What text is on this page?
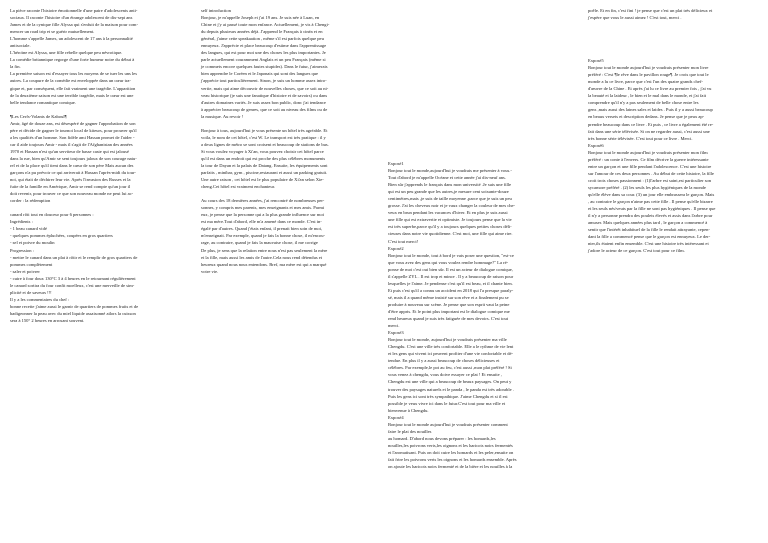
La pièce raconte l'histoire émotionnelle d'une paire d'adolescents anti-
sociaux. Il raconte l'histoire d'un étrange adolescent de dix-sept ans
James et de la cynique fille Alyssa qui s'enfuit de la maison pour com-
mencer un road trip et se guérir mutuellement.
L'homme s'appelle James, un adolescent de 17 ans à la personnalité
antisociale.
L'héroïne est Alyssa, une fille rebelle quelque peu névrotique.
La comédie britannique regorge d'une forte humeur noire du début à
la fin.
La première saison est d'essayer tous les moyens de se tuer les uns les
autres. La coupure de la comédie est enveloppée dans un cœur tra-
gique et, par conséquent, elle fait vraiment une tragédie. L'apparition
de la deuxième saison est une terrible tragédie, mais le cœur est une
belle tendance romantique comique.

¶Les Cerfs-Volants de Kaboul¶
Amir, âgé de douze ans, est désespéré de gagner l'approbation de son
père et décide de gagner le tournoi local de kiteurs, pour prouver qu'il
a les qualités d'un homme. Son fidèle ami Hassan promet de l'aider -
car il aide toujours Amir - mais il s'agit de l'Afghanistan des années
1970 et Hassan n'est qu'un serviteur de basse caste qui est jalousé
dans la rue, bien qu'Amir se sent toujours jaloux de son courage natu-
rel et de la place qu'il tient dans le cœur de son père Mais aucun des
garçons n'a pu prévoir ce qui arriverait à Hassan l'après-midi du tour-
noi, qui était de déchirer leur vie. Après l'invasion des Russes et la
fuite de la famille en Amérique, Amir se rend compte qu'un jour il
doit revenir, pour trouver ce que son nouveau monde ne peut lui ac-
corder : la rédemption

canard rôti tout en douceur pour 6 personnes :
Ingrédients :
- 1 beau canard vidé
- quelques pommes épluchées, coupées en gros quartiers
- sel et poivre du moulin
Progression :
- mettre le canard dans un plat à rôtir et le remplir de gros quartiers de
pommes complètement
- saler et poivrer
- cuire à four doux 130°C 3 à 4 heures en le retournant régulièrement
le canard sortira du four confit moelleux, c'est une merveille de sim-
plicité et de saveurs !!!
Il y a les commentaires du chef :
bonne recette j'aime aussi le garnir de quartiers de pommes fruits et de
badigeonner la peau avec du miel liquide assaisonné ailors la cuisson
sera à 150° 2 heures en arrosant souvent.

self introduction
Bonjour, je m'appelle Joseph et j'ai 19 ans. Je suis née à Luan, en
Chine et j'y ai passé toute mon enfance. Actuellement, je vis à Chengi-
du depuis plusieurs années déjà. J'apprend le Français à cinéa et en
général, j'aime cette speakaation , même s'il est parfois quelque peu
ennuyeux. J'apprécie et place beaucoup d'estime dans l'apprentissage
des langues, qui est pour moi une des choses les plus importantes. Je
parle actuellement couramment Anglais et un peu Français (même si
je commets encore quelques fautes stupides). Dans le futur, j'aimerais
bien apprendre le Coréen et le Japonais qui sont des langues que
j'apprécie tout particulièrement. Sinon, je suis un homme assez intro-
vertie, mais qui aime découvrir de nouvelles choses, que ce soit au ni-
veau historique (je suis une fanatique d'histoire et de savoirs) ou dans
d'autres domaines variés. Je suis assez bon public, donc j'ai tendance
à apprécier beaucoup de genres, que ce soit au niveau des films ou de
la musique. Au revoir !

Bonjour à tous, aujourd'hui je vous présente un hôtel très agréable. Et
voila, le nom de cet hôtel, c'est W. Le transport est très pratique : il y
a deux lignes de métro se sont croisent et beaucoup de stations de bus.
Si vous voulez voyager à Xi'an, vous pouvez choisir cet hôtel parce
qu'il est dans un endroit qui est proche des plus célèbres monuments
la tour de Dayan et la palais de Datang. Ensuite, les équipements sont
parfaits , minibar, gym , piscine,restaurant et aussi un parking gratuit.
Une autre raison , cet hôtel est le plus populaire de Xi'an selon Xie-
cheng.Cet hôtel est vraiment enchanteur.

Au cours des 18 dernières années, j'ai rencontré de nombreuses per-
sonnes, y compris mes parents, mes enseignants et mes amis. Parmi
eux, je pense que la personne qui a la plus grande influence sur moi
est ma mère.Tout d'abord, elle m'a amené dans ce monde. C'est in-
égalé par d'autres. Quand j'étais enfant, il prenait bien soin de moi,
m'enseignait. Par exemple, quand je fais la bonne chose, il m'encou-
rage, au contraire, quand je fais la mauvaise chose, il me corrige
De plus, je sens que la relation entre nous n'est pas seulement la mère
et la fille, mais aussi les amis de l'autre.Cela nous rend détendus et
heureux quand nous nous entendons. Bref, ma mère est qui a marqué
votre vie.

Exposé1
Bonjour tout le monde,aujourd'hui je voudrais me présenter à vous.-
Tout d'abord je m'appelle Océane et cette année j'ai dix-neuf ans.
Bien sûr j'apprends le français dans mon université .Je suis une fille
qui est un peu grande que les autres,je mesure cent soixante-douze
centimètres,mais ,je suis de taille moyenne ,parce que je suis un peu
grosse. J'ai les cheveux noir et je vaux changer la couleur de mes che-
veux en brun pendant les vacances d'hiver. Et en plus je suis aussi
une fille qui est extravertie et optimiste. Je toujours pense que la vie
est très superbe,parce qu'il y a toujours quelques petites choses déli-
cieuses dans notre vie quotidienne. C'est moi, une fille qui aime rire.
C'est tout merci!
Exposé2
Bonjour tout le monde, tout à bord je vais poser une question, "est-ce
que vous avez des gens qui vous voulez rendre hommage?" La ré-
ponse de moi c'est oui bien sûr. Il est un acteur de dialogue comique,
il s'appelle ZYL . Il est trop et mince . Il y a beaucoup de raison pour
lesquelles je l'aime. Je pendense c'est qu'il est beau, et il chante bien.
Et puis c'est qu'il a connu un accident en 2018 qui l'a presque paraly-
sé, mais il a quand même insisté sur son rêve et a finalement pu se
produire à nouveau sur scène. Je pense que son esprit vaut la peine
d'être appris. Et le point plus important est le dialogue comique me
rend heureux quand je suis très fatiguée de mes devoirs. C'est tout
merci.
Exposé3
Bonjour tout le monde, aujourd'hui je voudrais présenter ma ville
Chengdu. C'est une ville très confortable. Elle a le rythme de vie lent
et les gens qui vivent ici peuvent profiter d'une vie confortable et dé-
tendue. En plus il y a aussi beaucoup de choses délicieuses et
célèbres. Par exemple,le pot au feu, c'est aussi ,mon plat préféré ! Si
vous venez à chengdu, vous doive essayer ce plat ! Et ensuite ,
Chengdu est une ville qui a beaucoup de beaux paysages. On peut y
trouver des paysages naturels et le panda , le panda est très adorable .
Puis les gens ici sont très sympathique. J'aime Chengdu et si il est
possible je veux vivre ici dans le futur.C'est tout pour ma ville et
bienvenue à Chengdu.
Exposé4
Bonjour tout le monde aujourd'hui je voudrais présenter comment
faire le plat des nouilles
au homard. D'abord nous devons préparer : les homards,les
nouilles,les poivrons verts,les oignons et les haricots noirs fermentés
et l'aromatisant. Puis on doit cuire les homards et les peler,ensuite on
fait frire les poivrons verts les oignons et les homards ensemble. Après
on ajoute les haricots noirs fermenté et de la bière et les nouilles à la

poêle. Et en fin, c'est fini ! je pense que c'est un plat très délicieux et
j'espère que vous le aussi aimez ! C'est tout, merci .

Exposé5
Bonjour tout le monde aujourd'hui je voudrais présenter mon livre
préféré : C'est ¶le rêve dans le pavillon rouge¶. Je crois que tout le
monde a lu ce livre, parce que c'est l'un des quatre grands chef-
d'œuvre de la Chine . Et après j'ai lu ce livre au premier fois , j'ai vu
la beauté et la laideur , le bien et le mal dans le monde, et j'ai fait
comprendre qu'il n'y a pas seulement de belle chose entre les
gens ,mais aussi des laines sales et laides . Puis il y a aussi beaucoup
en beaux versets et description dedans. Je pense que je peux ap-
prendre beaucoup dans ce livre . Et puis , ce livre a également été re-
fait dans une série télévisée. Si on ne regarder aussi, c'est aussi une
très bonne série télévisée. C'est tout pour ce livre . Merci.
Exposé6
Bonjour tout le monde aujourd'hui je voudrais présenter mon film
préféré : un conte à l'envers. Ce film décrive la guerre intéressante
entre un garçon et une fille pendant l'adolescence. C'est une histoire
sur l'amour de ces deux personnes . Au début de cette histoire, la fille
croit trois choses passionnent : (1)l'arbre est saint,est particulier son
sycamore préféré . (2) les seuls les plus hygiéniques de la monde
qu'elle élève dans sa cour. (3) un jour elle embrassera le garçon. Mais
, au contraire le garçon n'aime pas cette fille . Il pense qu'elle bizarre
et les seuls nés/veuts par la fille ne sont pas hygiéniques . Il pense que
il n'y a personne prendra des poulets élevés et assis dans l'arbre pour
amuser. Mais quelques années plus tard , le garçon a commencé à
sentir que l'intérêt inhabituel de la fille le rendait attrayante, cepen-
dant la fille a commencé pense que le garçon est ennuyeux. Le der-
nier,ils étaient enfin ensemble. C'est une histoire très intéressant et
j'adore le acteur de ce garçon. C'est tout pour ce film.
